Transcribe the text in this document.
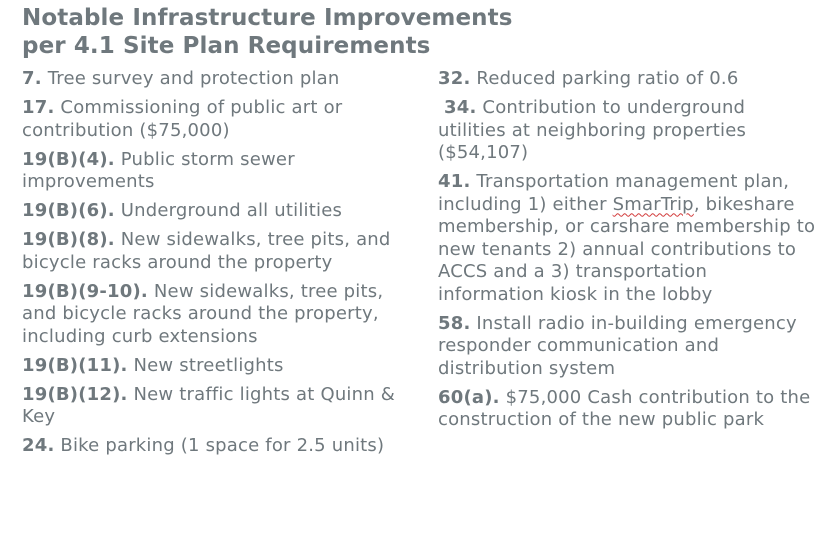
Notable Infrastructure Improvements
per 4.1 Site Plan Requirements
7. Tree survey and protection plan
17. Commissioning of public art or contribution ($75,000)
19(B)(4). Public storm sewer improvements
19(B)(6). Underground all utilities
19(B)(8). New sidewalks, tree pits, and bicycle racks around the property
19(B)(9-10). New sidewalks, tree pits, and bicycle racks around the property, including curb extensions
19(B)(11). New streetlights
19(B)(12). New traffic lights at Quinn & Key
24. Bike parking (1 space for 2.5 units)
32. Reduced parking ratio of 0.6
34. Contribution to underground utilities at neighboring properties ($54,107)
41. Transportation management plan, including 1) either SmarTrip, bikeshare membership, or carshare membership to new tenants 2) annual contributions to ACCS and a 3) transportation information kiosk in the lobby
58. Install radio in-building emergency responder communication and distribution system
60(a). $75,000 Cash contribution to the construction of the new public park
